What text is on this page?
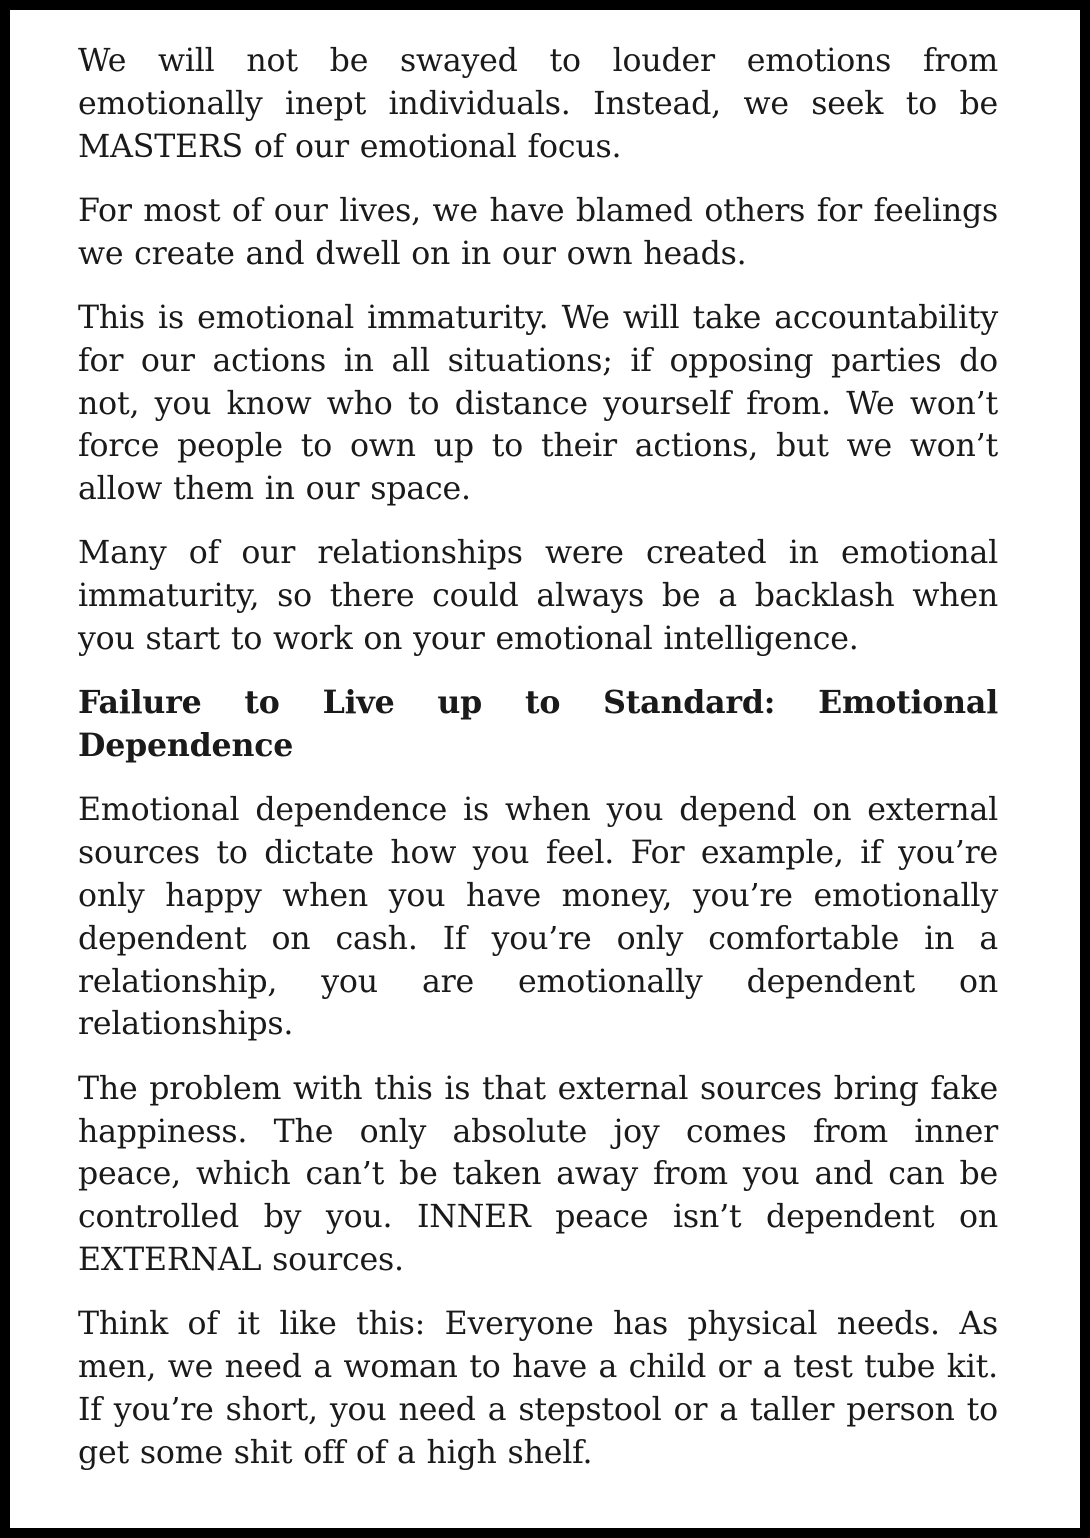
We will not be swayed to louder emotions from emotionally inept individuals. Instead, we seek to be MASTERS of our emotional focus.

For most of our lives, we have blamed others for feelings we create and dwell on in our own heads.

This is emotional immaturity. We will take accountability for our actions in all situations; if opposing parties do not, you know who to distance yourself from. We won’t force people to own up to their actions, but we won’t allow them in our space.

Many of our relationships were created in emotional immaturity, so there could always be a backlash when you start to work on your emotional intelligence.

Failure to Live up to Standard: Emotional Dependence

Emotional dependence is when you depend on external sources to dictate how you feel. For example, if you’re only happy when you have money, you’re emotionally dependent on cash. If you’re only comfortable in a relationship, you are emotionally dependent on relationships.

The problem with this is that external sources bring fake happiness. The only absolute joy comes from inner peace, which can’t be taken away from you and can be controlled by you. INNER peace isn’t dependent on EXTERNAL sources.

Think of it like this: Everyone has physical needs. As men, we need a woman to have a child or a test tube kit. If you’re short, you need a stepstool or a taller person to get some shit off of a high shelf.
